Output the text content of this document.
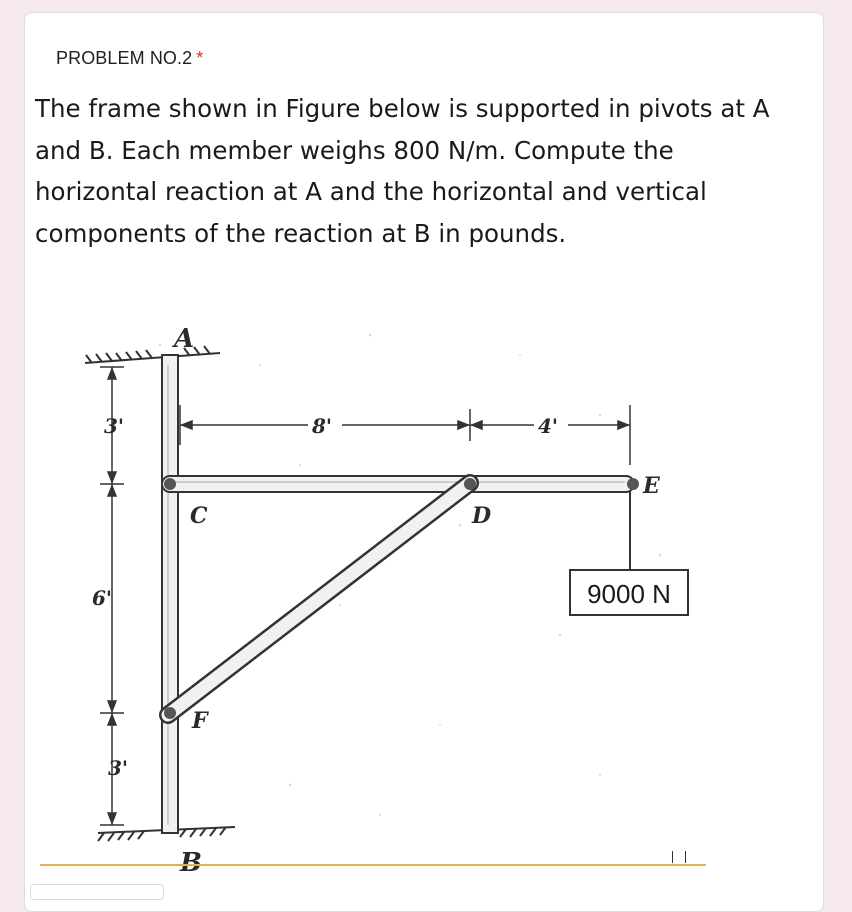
PROBLEM NO.2 *
The frame shown in Figure below is supported in pivots at A and B. Each member weighs 800 N/m. Compute the horizontal reaction at A and the horizontal and vertical components of the reaction at B in pounds.
A
B
C	D
E
F
3'
6'
3'
8'	4'
9000 N
